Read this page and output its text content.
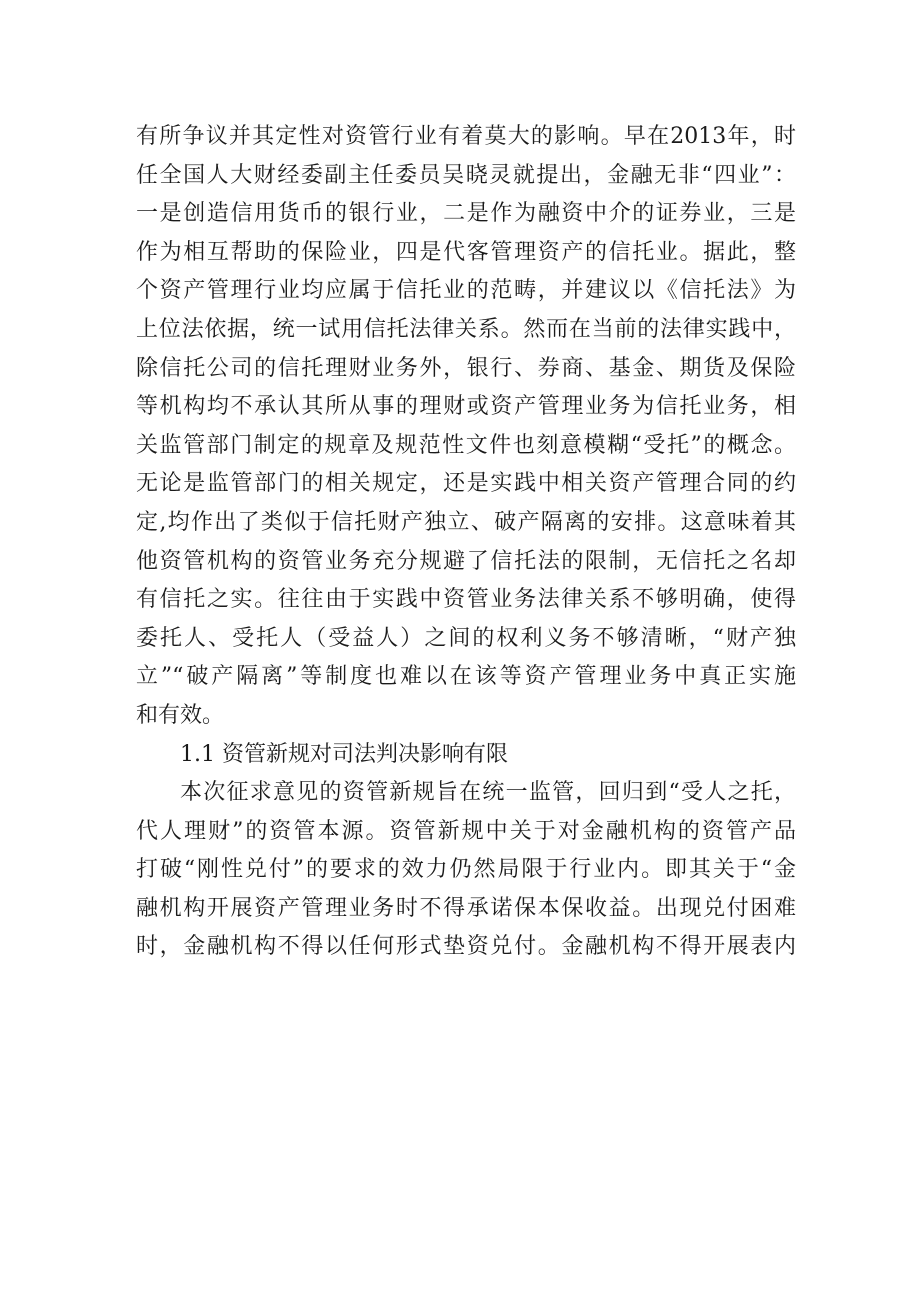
有所争议并其定性对资管行业有着莫大的影响。早在2013年，时
任全国人大财经委副主任委员吴晓灵就提出，金融无非“四业”：
一是创造信用货币的银行业，二是作为融资中介的证券业，三是
作为相互帮助的保险业，四是代客管理资产的信托业。据此，整
个资产管理行业均应属于信托业的范畴，并建议以《信托法》为
上位法依据，统一试用信托法律关系。然而在当前的法律实践中，
除信托公司的信托理财业务外，银行、券商、基金、期货及保险
等机构均不承认其所从事的理财或资产管理业务为信托业务，相
关监管部门制定的规章及规范性文件也刻意模糊“受托”的概念。
无论是监管部门的相关规定，还是实践中相关资产管理合同的约
定,均作出了类似于信托财产独立、破产隔离的安排。这意味着其
他资管机构的资管业务充分规避了信托法的限制，无信托之名却
有信托之实。往往由于实践中资管业务法律关系不够明确，使得
委托人、受托人（受益人）之间的权利义务不够清晰，“财产独
立”“破产隔离”等制度也难以在该等资产管理业务中真正实施
和有效。
1.1 资管新规对司法判决影响有限
本次征求意见的资管新规旨在统一监管，回归到“受人之托，
代人理财”的资管本源。资管新规中关于对金融机构的资管产品
打破“刚性兑付”的要求的效力仍然局限于行业内。即其关于“金
融机构开展资产管理业务时不得承诺保本保收益。出现兑付困难
时，金融机构不得以任何形式垫资兑付。金融机构不得开展表内
